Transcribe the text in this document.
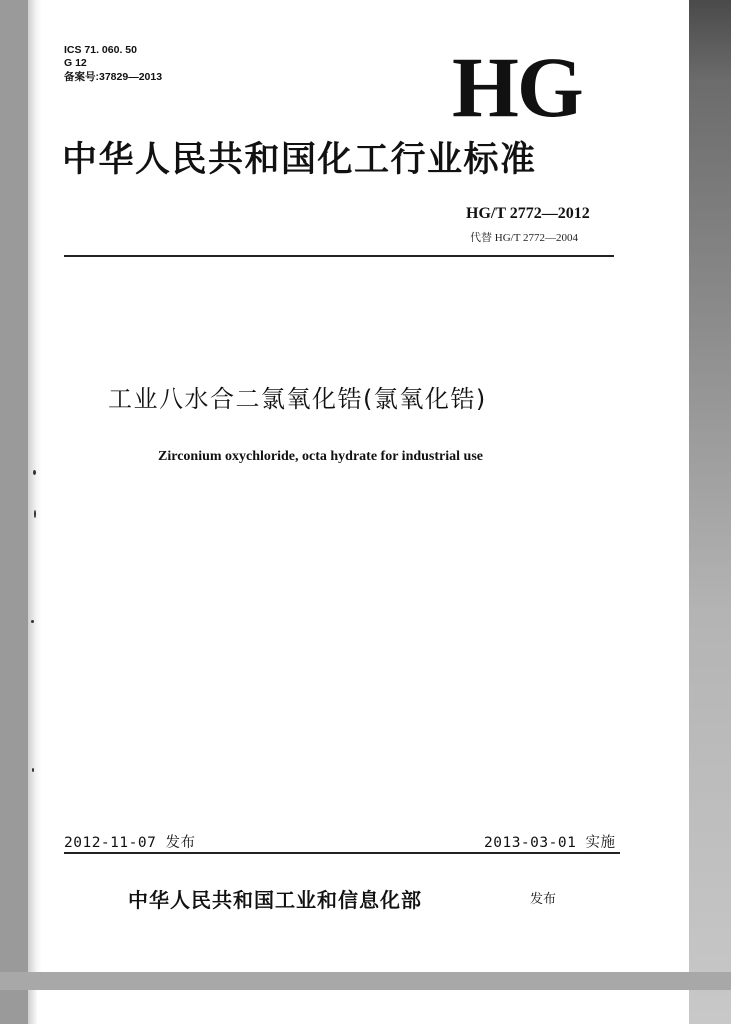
ICS 71. 060. 50
G 12
备案号:37829—2013	HG
中华人民共和国化工行业标准
HG/T 2772—2012
代替 HG/T 2772—2004
工业八水合二氯氧化锆(氯氧化锆)
Zirconium oxychloride, octa hydrate for industrial use
2012-11-07 发布	2013-03-01 实施
中华人民共和国工业和信息化部	发布
